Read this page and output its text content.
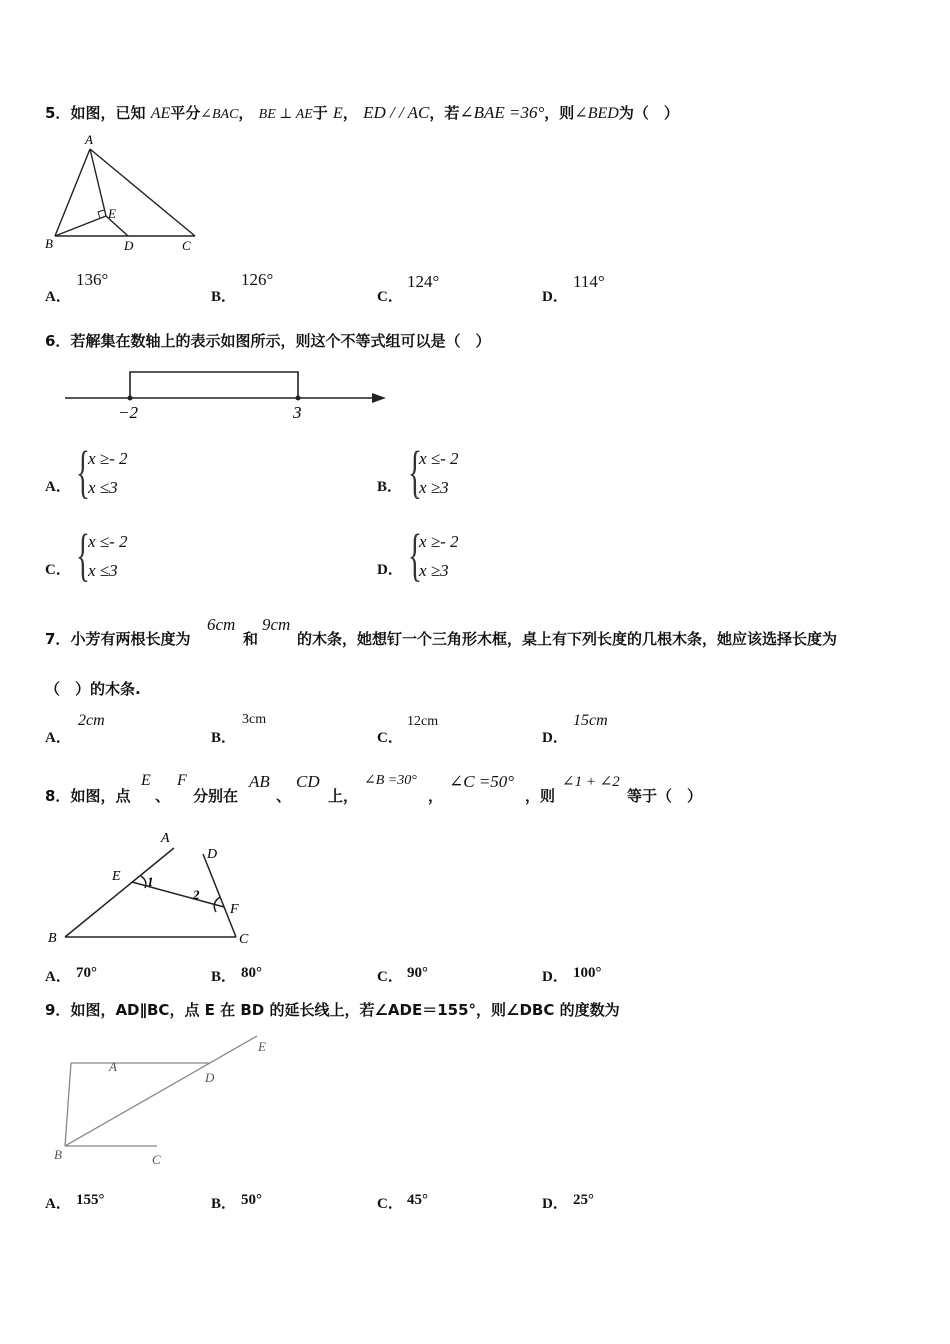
5．如图，已知 AE平分∠BAC， BE ⊥ AE于 E， ED / / AC，若∠BAE =36°，则∠BED为（　）
A
B	C
D
E
A．
136°
B．
126°
C．
124°
D．
114°
6．若解集在数轴上的表示如图所示，则这个不等式组可以是（　）
−2	3
A． {
x ≥- 2
x ≤3	B． {
x ≤- 2
x ≥3
C． {
x ≤- 2
x ≤3	D． {
x ≥- 2
x ≥3
7．小芳有两根长度为
6cm
和
9cm
的木条，她想钉一个三角形木框，桌上有下列长度的几根木条，她应该选择长度为
（　）的木条.
A．
2cm
B．
3cm
C．
12cm
D．
15cm
8．如图，点
E
、
F
分别在
AB
、
CD
上，
∠B =30°
，
∠C =50°
，则
∠1 + ∠2
等于（　）
A
B	C
D
E
F
1
2
A． 70°	B． 80°	C． 90°	D． 100°
9．如图，AD∥BC，点 E 在 BD 的延长线上，若∠ADE＝155°，则∠DBC 的度数为
A
B	C
D
E
A． 155°	B． 50°	C． 45°	D． 25°
